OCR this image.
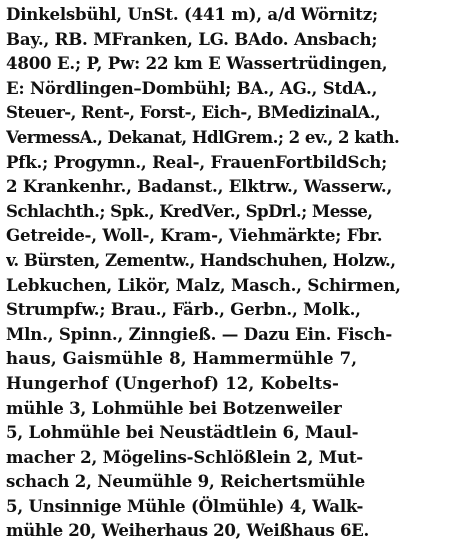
Dinkelsbühl, UnSt. (441 m), a/d Wörnitz;
Bay., RB. MFranken, LG. BAdo. Ansbach;
4800 E.; P, Pw: 22 km E Wassertrüdingen,
E: Nördlingen–Dombühl; BA., AG., StdA.,
Steuer-, Rent-, Forst-, Eich-, BMedizinalA.,
VermessA., Dekanat, HdlGrem.; 2 ev., 2 kath.
Pfk.; Progymn., Real-, FrauenFortbildSch;
2 Krankenhr., Badanst., Elktrw., Wasserw.,
Schlachth.; Spk., KredVer., SpDrl.; Messe,
Getreide-, Woll-, Kram-, Viehmärkte; Fbr.
v. Bürsten, Zementw., Handschuhen, Holzw.,
Lebkuchen, Likör, Malz, Masch., Schirmen,
Strumpfw.; Brau., Färb., Gerbn., Molk.,
Mln., Spinn., Zinngieß. — Dazu Ein. Fisch-
haus, Gaismühle 8, Hammermühle 7,
Hungerhof (Ungerhof) 12, Kobelts-
mühle 3, Lohmühle bei Botzenweiler
5, Lohmühle bei Neustädtlein 6, Maul-
macher 2, Mögelins-Schlößlein 2, Mut-
schach 2, Neumühle 9, Reichertsmühle
5, Unsinnige Mühle (Ölmühle) 4, Walk-
mühle 20, Weiherhaus 20, Weißhaus 6E.
